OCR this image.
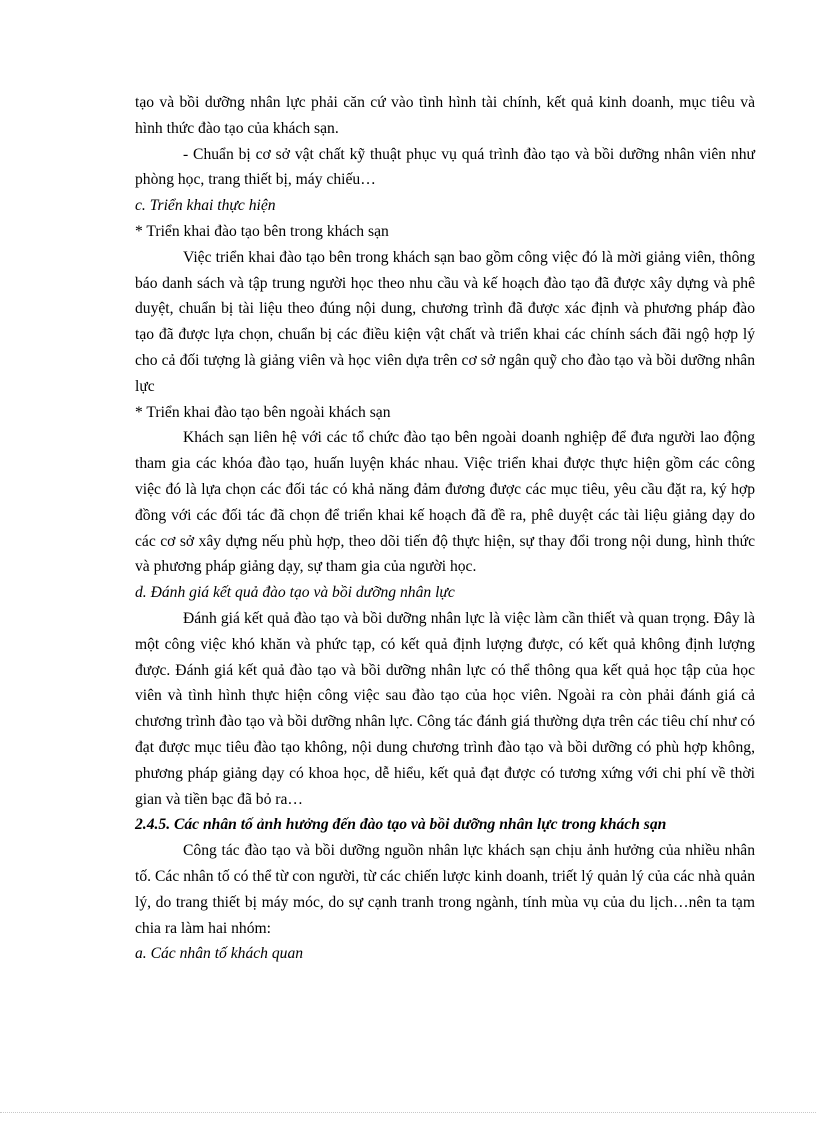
tạo và bồi dưỡng nhân lực phải căn cứ vào tình hình tài chính, kết quả kinh doanh, mục tiêu và hình thức đào tạo của khách sạn.

- Chuẩn bị cơ sở vật chất kỹ thuật phục vụ quá trình đào tạo và bồi dưỡng nhân viên như phòng học, trang thiết bị, máy chiếu…

c. Triển khai thực hiện

* Triển khai đào tạo bên trong khách sạn

Việc triển khai đào tạo bên trong khách sạn bao gồm công việc đó là mời giảng viên, thông báo danh sách và tập trung người học theo nhu cầu và kế hoạch đào tạo đã được xây dựng và phê duyệt, chuẩn bị tài liệu theo đúng nội dung, chương trình đã được xác định và phương pháp đào tạo đã được lựa chọn, chuẩn bị các điều kiện vật chất và triển khai các chính sách đãi ngộ hợp lý cho cả đối tượng là giảng viên và học viên dựa trên cơ sở ngân quỹ cho đào tạo và bồi dưỡng nhân lực

* Triển khai đào tạo bên ngoài khách sạn

Khách sạn liên hệ với các tổ chức đào tạo bên ngoài doanh nghiệp để đưa người lao động tham gia các khóa đào tạo, huấn luyện khác nhau. Việc triển khai được thực hiện gồm các công việc đó là lựa chọn các đối tác có khả năng đảm đương được các mục tiêu, yêu cầu đặt ra, ký hợp đồng với các đối tác đã chọn để triển khai kế hoạch đã đề ra, phê duyệt các tài liệu giảng dạy do các cơ sở xây dựng nếu phù hợp, theo dõi tiến độ thực hiện, sự thay đổi trong nội dung, hình thức và phương pháp giảng dạy, sự tham gia của người học.

d. Đánh giá kết quả đào tạo và bồi dưỡng nhân lực

Đánh giá kết quả đào tạo và bồi dưỡng nhân lực là việc làm cần thiết và quan trọng. Đây là một công việc khó khăn và phức tạp, có kết quả định lượng được, có kết quả không định lượng được. Đánh giá kết quả đào tạo và bồi dưỡng nhân lực có thể thông qua kết quả học tập của học viên và tình hình thực hiện công việc sau đào tạo của học viên. Ngoài ra còn phải đánh giá cả chương trình đào tạo và bồi dưỡng nhân lực. Công tác đánh giá thường dựa trên các tiêu chí như có đạt được mục tiêu đào tạo không, nội dung chương trình đào tạo và bồi dưỡng có phù hợp không, phương pháp giảng dạy có khoa học, dễ hiểu, kết quả đạt được có tương xứng với chi phí về thời gian và tiền bạc đã bỏ ra…

2.4.5. Các nhân tố ảnh hưởng đến đào tạo và bồi dưỡng nhân lực trong khách sạn

Công tác đào tạo và bồi dưỡng nguồn nhân lực khách sạn chịu ảnh hưởng của nhiều nhân tố. Các nhân tố có thể từ con người, từ các chiến lược kinh doanh, triết lý quản lý của các nhà quản lý, do trang thiết bị máy móc, do sự cạnh tranh trong ngành, tính mùa vụ của du lịch…nên ta tạm chia ra làm hai nhóm:

a. Các nhân tố khách quan
